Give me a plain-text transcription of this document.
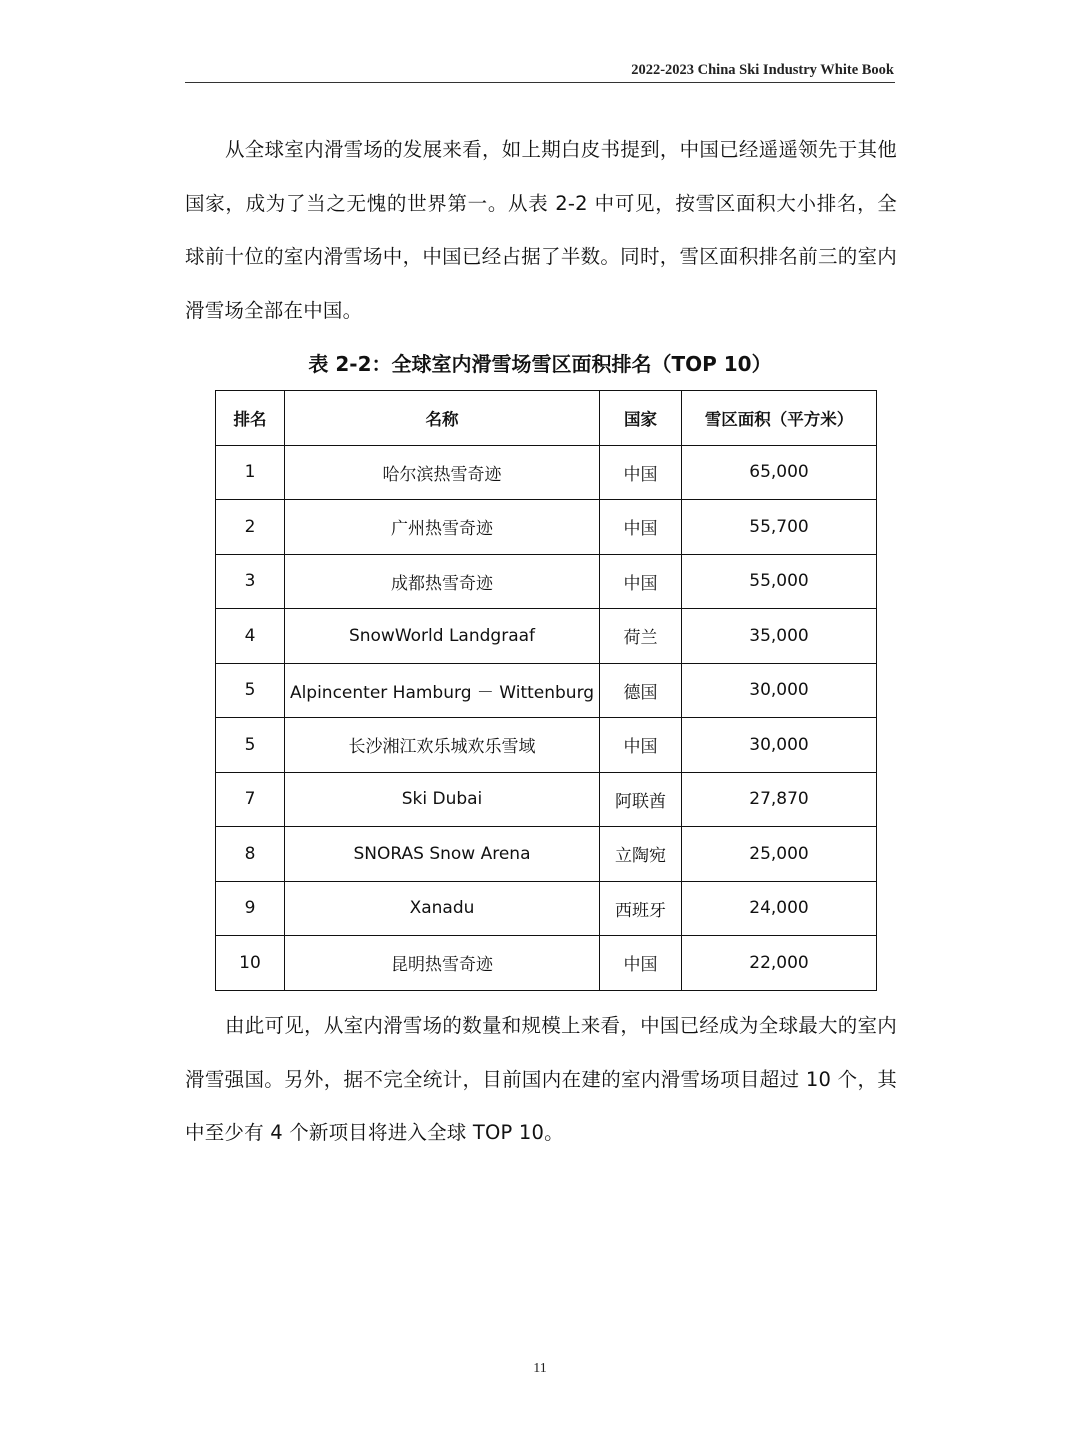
2022-2023 China Ski Industry White Book

从全球室内滑雪场的发展来看，如上期白皮书提到，中国已经遥遥领先于其他国家，成为了当之无愧的世界第一。从表 2-2 中可见，按雪区面积大小排名，全球前十位的室内滑雪场中，中国已经占据了半数。同时，雪区面积排名前三的室内滑雪场全部在中国。

表 2-2：全球室内滑雪场雪区面积排名（TOP 10）
排名	名称	国家	雪区面积（平方米）
1	哈尔滨热雪奇迹	中国	65,000
2	广州热雪奇迹	中国	55,700
3	成都热雪奇迹	中国	55,000
4	SnowWorld Landgraaf	荷兰	35,000
5	Alpincenter Hamburg － Wittenburg	德国	30,000
5	长沙湘江欢乐城欢乐雪域	中国	30,000
7	Ski Dubai	阿联酋	27,870
8	SNORAS Snow Arena	立陶宛	25,000
9	Xanadu	西班牙	24,000
10	昆明热雪奇迹	中国	22,000

由此可见，从室内滑雪场的数量和规模上来看，中国已经成为全球最大的室内滑雪强国。另外，据不完全统计，目前国内在建的室内滑雪场项目超过 10 个，其中至少有 4 个新项目将进入全球 TOP 10。

11
